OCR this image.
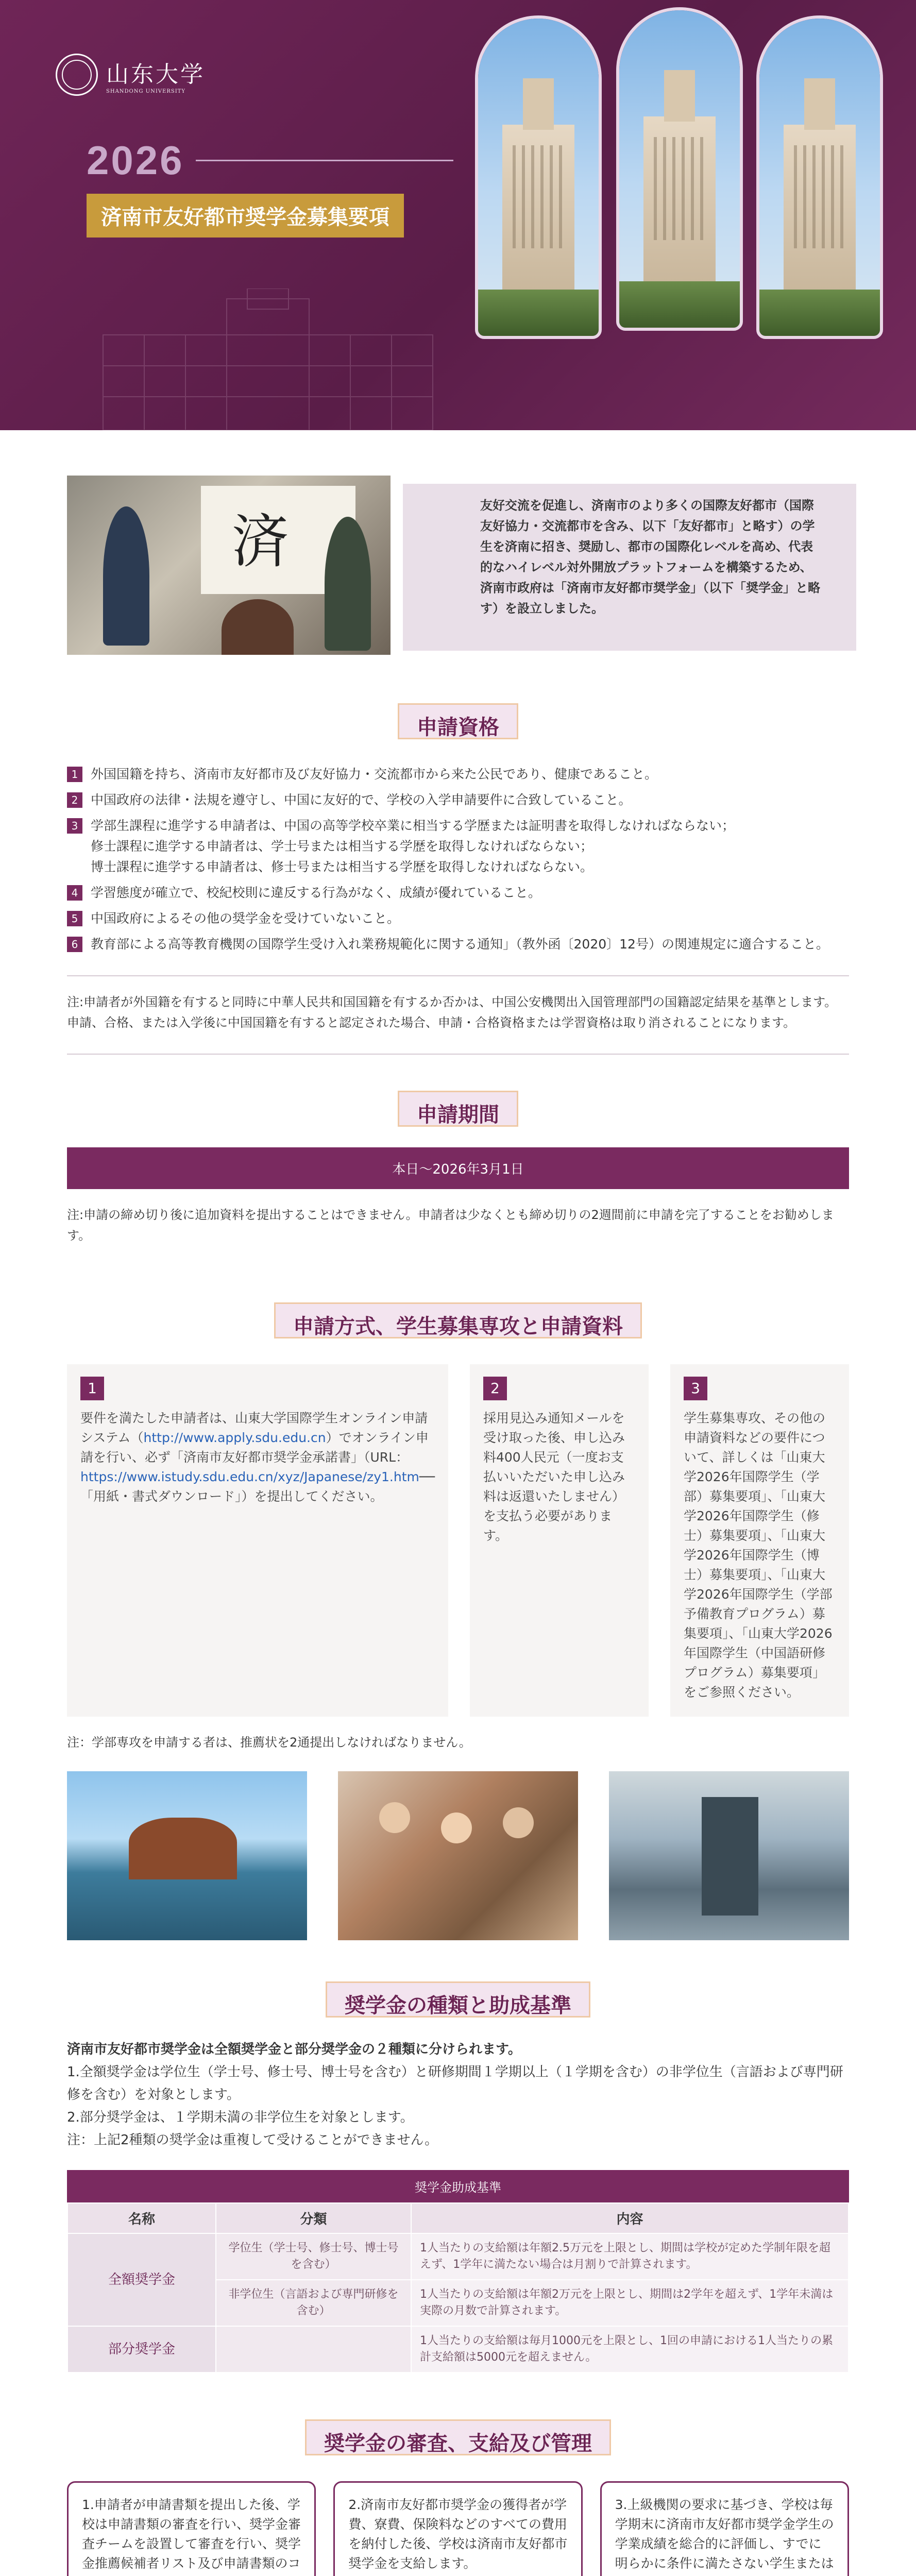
山东大学
SHANDONG UNIVERSITY
2026
済南市友好都市奨学金募集要項
済

友好交流を促進し、済南市のより多くの国際友好都市（国際友好協力・交流都市を含み、以下「友好都市」と略す）の学生を済南に招き、奨励し、都市の国際化レベルを高め、代表的なハイレベル対外開放プラットフォームを構築するため、済南市政府は「済南市友好都市奨学金」（以下「奨学金」と略す）を設立しました。

申請資格
1 外国国籍を持ち、済南市友好都市及び友好協力・交流都市から来た公民であり、健康であること。
2 中国政府の法律・法規を遵守し、中国に友好的で、学校の入学申請要件に合致していること。
3 学部生課程に進学する申請者は、中国の高等学校卒業に相当する学歴または証明書を取得しなければならない；
修士課程に進学する申請者は、学士号または相当する学歴を取得しなければならない；
博士課程に進学する申請者は、修士号または相当する学歴を取得しなければならない。
4 学習態度が確立で、校紀校則に違反する行為がなく、成績が優れていること。
5 中国政府によるその他の奨学金を受けていないこと。
6 教育部による高等教育機関の国際学生受け入れ業務規範化に関する通知」（教外函〔2020〕12号）の関連規定に適合すること。

注:申請者が外国籍を有すると同時に中華人民共和国国籍を有するか否かは、中国公安機関出入国管理部門の国籍認定結果を基準とします。申請、合格、または入学後に中国国籍を有すると認定された場合、申請・合格資格または学習資格は取り消されることになります。

申請期間
本日～2026年3月1日

注:申請の締め切り後に追加資料を提出することはできません。申請者は少なくとも締め切りの2週間前に申請を完了することをお勧めします。

申請方式、学生募集専攻と申請資料
1

要件を満たした申請者は、山東大学国際学生オンライン申請システム（http://www.apply.sdu.edu.cn）でオンライン申請を行い、必ず「済南市友好都市奨学金承諾書」（URL：https://www.istudy.sdu.edu.cn/xyz/Japanese/zy1.htm──「用紙・書式ダウンロード」）を提出してください。

2

採用見込み通知メールを受け取った後、申し込み料400人民元（一度お支払いいただいた申し込み料は返還いたしません）を支払う必要があります。

3

学生募集専攻、その他の申請資料などの要件について、詳しくは「山東大学2026年国際学生（学部）募集要項」、「山東大学2026年国際学生（修士）募集要項」、「山東大学2026年国際学生（博士）募集要項」、「山東大学2026年国際学生（学部予備教育プログラム）募集要項」、「山東大学2026年国際学生（中国語研修プログラム）募集要項」をご参照ください。

注：学部専攻を申請する者は、推薦状を2通提出しなければなりません。

奨学金の種類と助成基準

済南市友好都市奨学金は全額奨学金と部分奨学金の２種類に分けられます。

1.全額奨学金は学位生（学士号、修士号、博士号を含む）と研修期間１学期以上（１学期を含む）の非学位生（言語および専門研修を含む）を対象とします。

2.部分奨学金は、１学期未満の非学位生を対象とします。

注：上記2種類の奨学金は重複して受けることができません。

奨学金助成基準
名称	分類	内容
全額奨学金	学位生（学士号、修士号、博士号を含む）	1人当たりの支給額は年額2.5万元を上限とし、期間は学校が定めた学制年限を超えず、1学年に満たない場合は月割りで計算されます。
	非学位生（言語および専門研修を含む）	1人当たりの支給額は年額2万元を上限とし、期間は2学年を超えず、1学年未満は実際の月数で計算されます。
部分奨学金		1人当たりの支給額は毎月1000元を上限とし、1回の申請における1人当たりの累計支給額は5000元を超えません。
奨学金の審査、支給及び管理

1.申請者が申請書類を提出した後、学校は申請書類の審査を行い、奨学金審査チームを設置して審査を行い、奨学金推薦候補者リスト及び申請書類のコ

2.済南市友好都市奨学金の獲得者が学費、寮費、保険料などのすべての費用を納付した後、学校は済南市友好都市奨学金を支給します。

3.上級機関の要求に基づき、学校は毎学期末に済南市友好都市奨学金学生の学業成績を総合的に評価し、すでに明らかに条件に満たさない学生または
